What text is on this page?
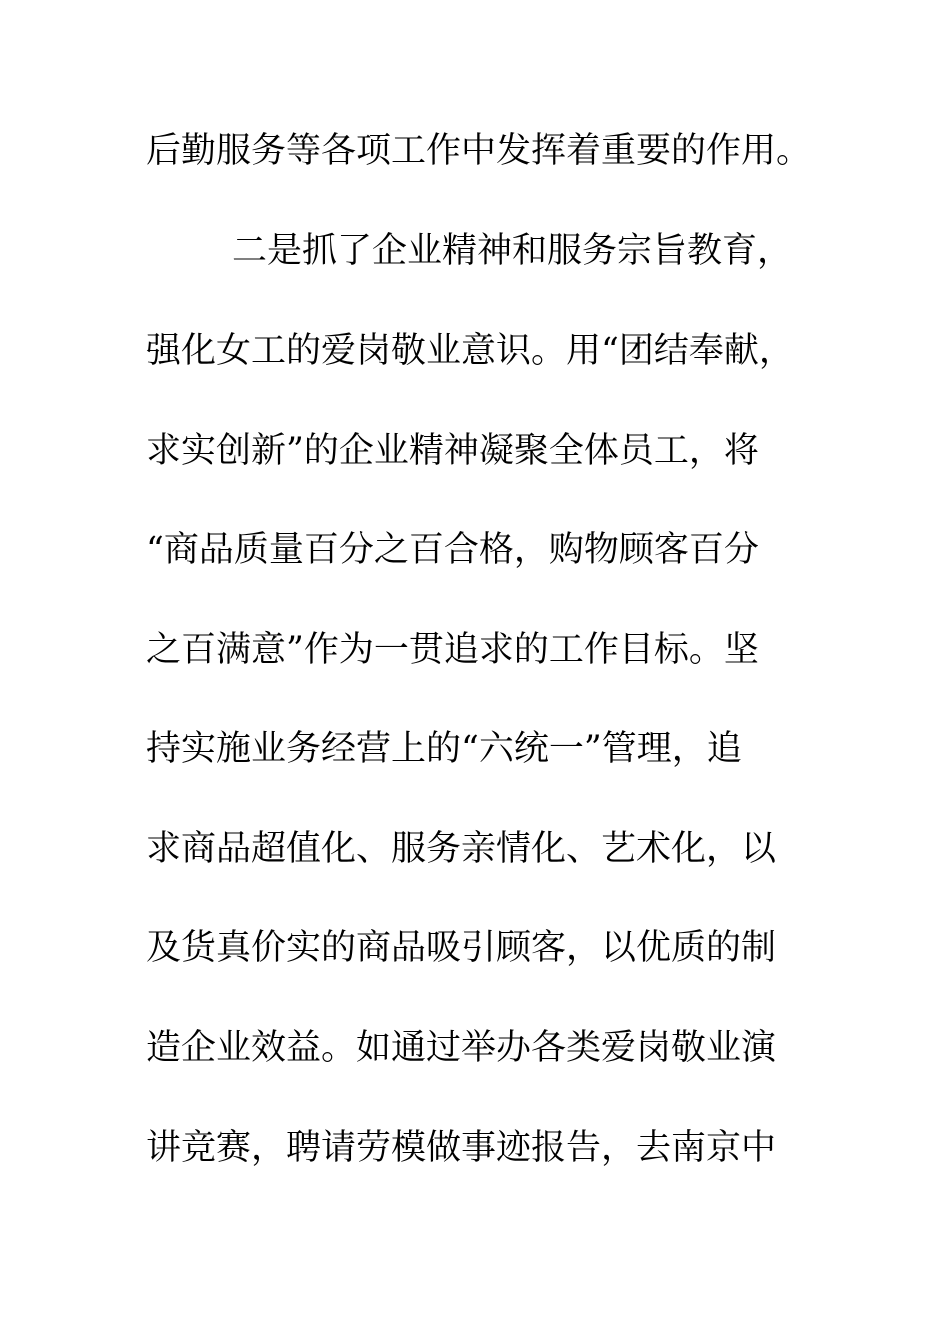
后勤服务等各项工作中发挥着重要的作用。
二是抓了企业精神和服务宗旨教育，
强化女工的爱岗敬业意识。用“团结奉献，
求实创新”的企业精神凝聚全体员工，将
“商品质量百分之百合格，购物顾客百分
之百满意”作为一贯追求的工作目标。坚
持实施业务经营上的“六统一”管理，追
求商品超值化、服务亲情化、艺术化，以
及货真价实的商品吸引顾客，以优质的制
造企业效益。如通过举办各类爱岗敬业演
讲竞赛，聘请劳模做事迹报告，去南京中
